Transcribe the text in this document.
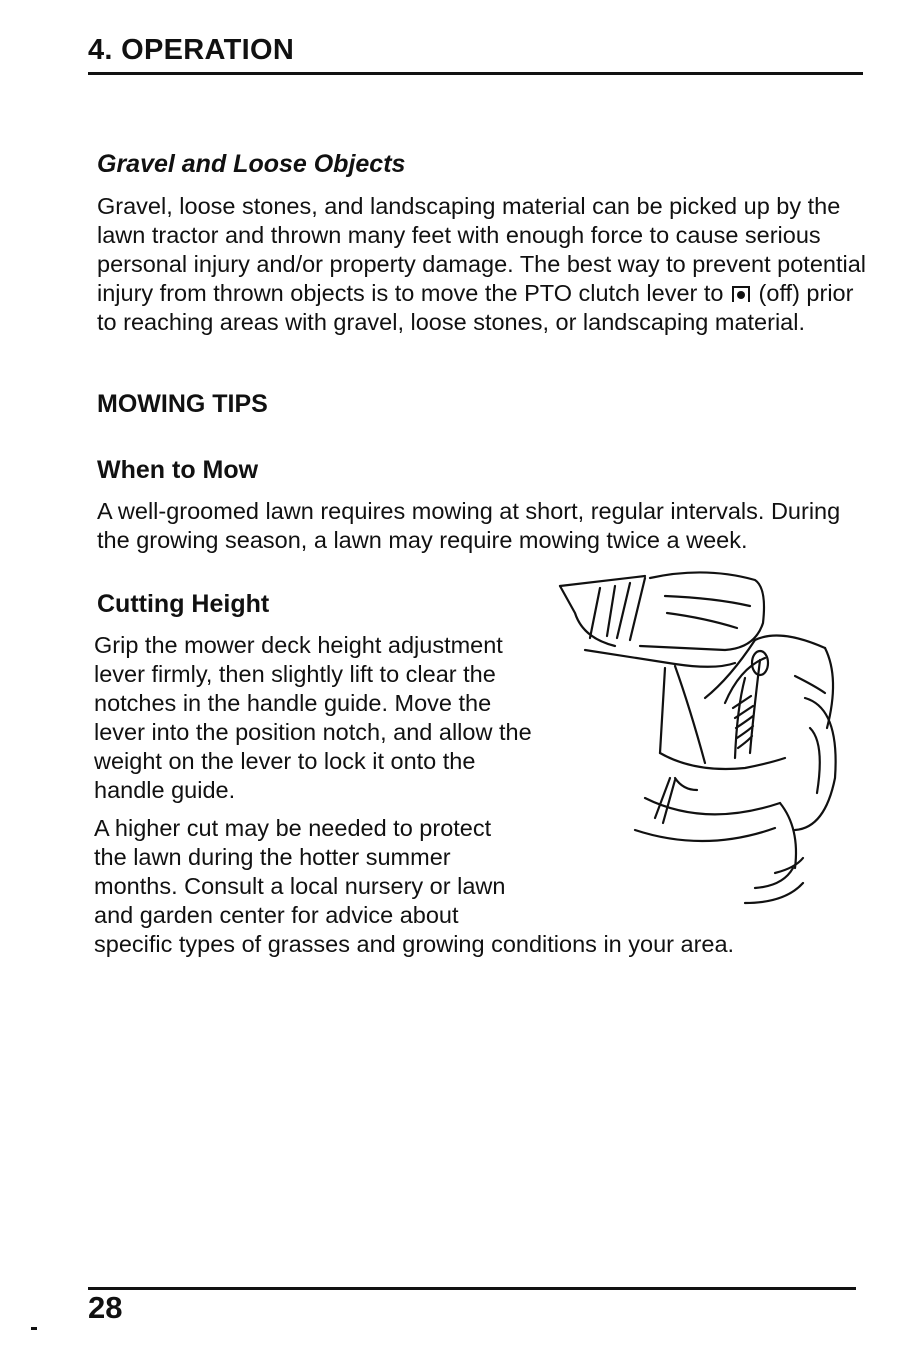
4. OPERATION
Gravel and Loose Objects

Gravel, loose stones, and landscaping material can be picked up by the lawn tractor and thrown many feet with enough force to cause serious personal injury and/or property damage. The best way to prevent potential injury from thrown objects is to move the PTO clutch lever to  (off) prior to reaching areas with gravel, loose stones, or landscaping material.

MOWING TIPS
When to Mow

A well-groomed lawn requires mowing at short, regular intervals. During the growing season, a lawn may require mowing twice a week.

Cutting Height

Grip the mower deck height adjustment lever firmly, then slightly lift to clear the notches in the handle guide. Move the lever into the position notch, and allow the weight on the lever to lock it onto the handle guide.

A higher cut may be needed to protect
the lawn during the hotter summer
months. Consult a local nursery or lawn
and garden center for advice about
specific types of grasses and growing conditions in your area.
28
